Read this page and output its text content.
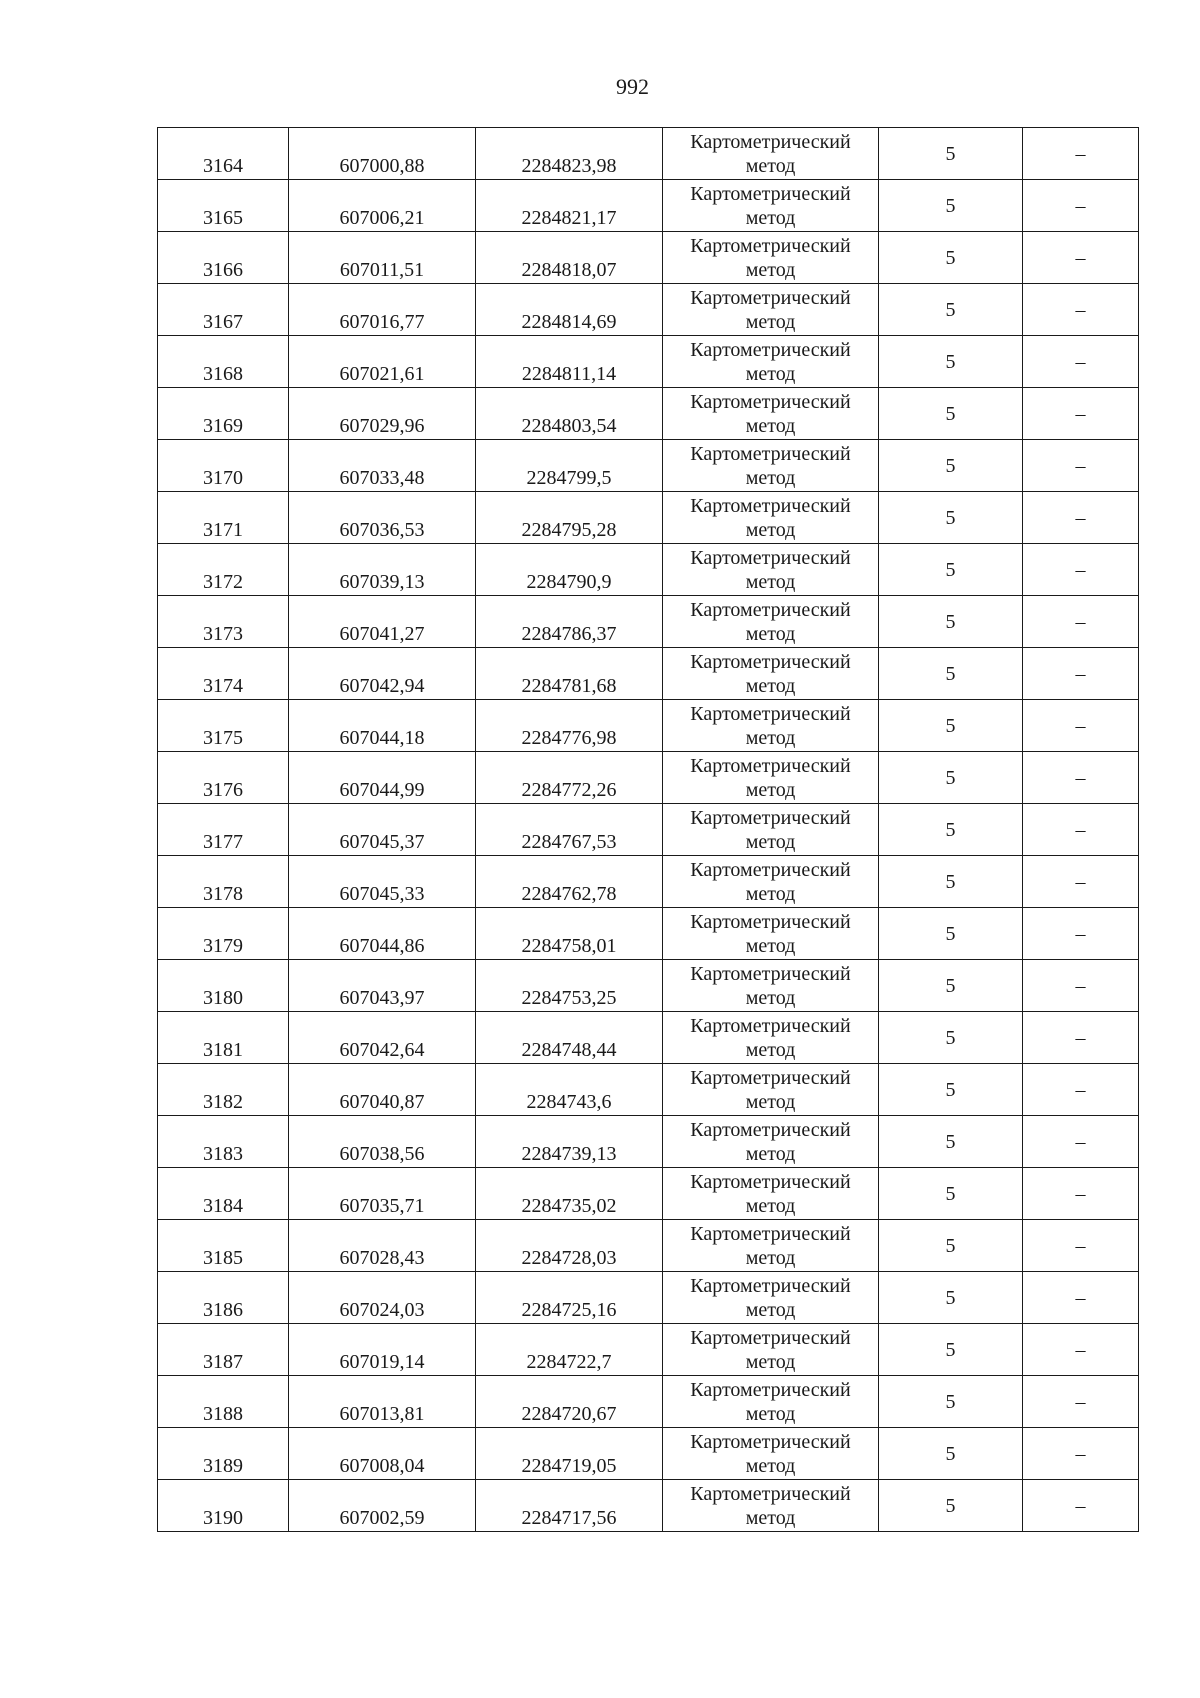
992
3164	607000,88	2284823,98	Картометрический
метод	5	–
3165	607006,21	2284821,17	Картометрический
метод	5	–
3166	607011,51	2284818,07	Картометрический
метод	5	–
3167	607016,77	2284814,69	Картометрический
метод	5	–
3168	607021,61	2284811,14	Картометрический
метод	5	–
3169	607029,96	2284803,54	Картометрический
метод	5	–
3170	607033,48	2284799,5	Картометрический
метод	5	–
3171	607036,53	2284795,28	Картометрический
метод	5	–
3172	607039,13	2284790,9	Картометрический
метод	5	–
3173	607041,27	2284786,37	Картометрический
метод	5	–
3174	607042,94	2284781,68	Картометрический
метод	5	–
3175	607044,18	2284776,98	Картометрический
метод	5	–
3176	607044,99	2284772,26	Картометрический
метод	5	–
3177	607045,37	2284767,53	Картометрический
метод	5	–
3178	607045,33	2284762,78	Картометрический
метод	5	–
3179	607044,86	2284758,01	Картометрический
метод	5	–
3180	607043,97	2284753,25	Картометрический
метод	5	–
3181	607042,64	2284748,44	Картометрический
метод	5	–
3182	607040,87	2284743,6	Картометрический
метод	5	–
3183	607038,56	2284739,13	Картометрический
метод	5	–
3184	607035,71	2284735,02	Картометрический
метод	5	–
3185	607028,43	2284728,03	Картометрический
метод	5	–
3186	607024,03	2284725,16	Картометрический
метод	5	–
3187	607019,14	2284722,7	Картометрический
метод	5	–
3188	607013,81	2284720,67	Картометрический
метод	5	–
3189	607008,04	2284719,05	Картометрический
метод	5	–
3190	607002,59	2284717,56	Картометрический
метод	5	–
